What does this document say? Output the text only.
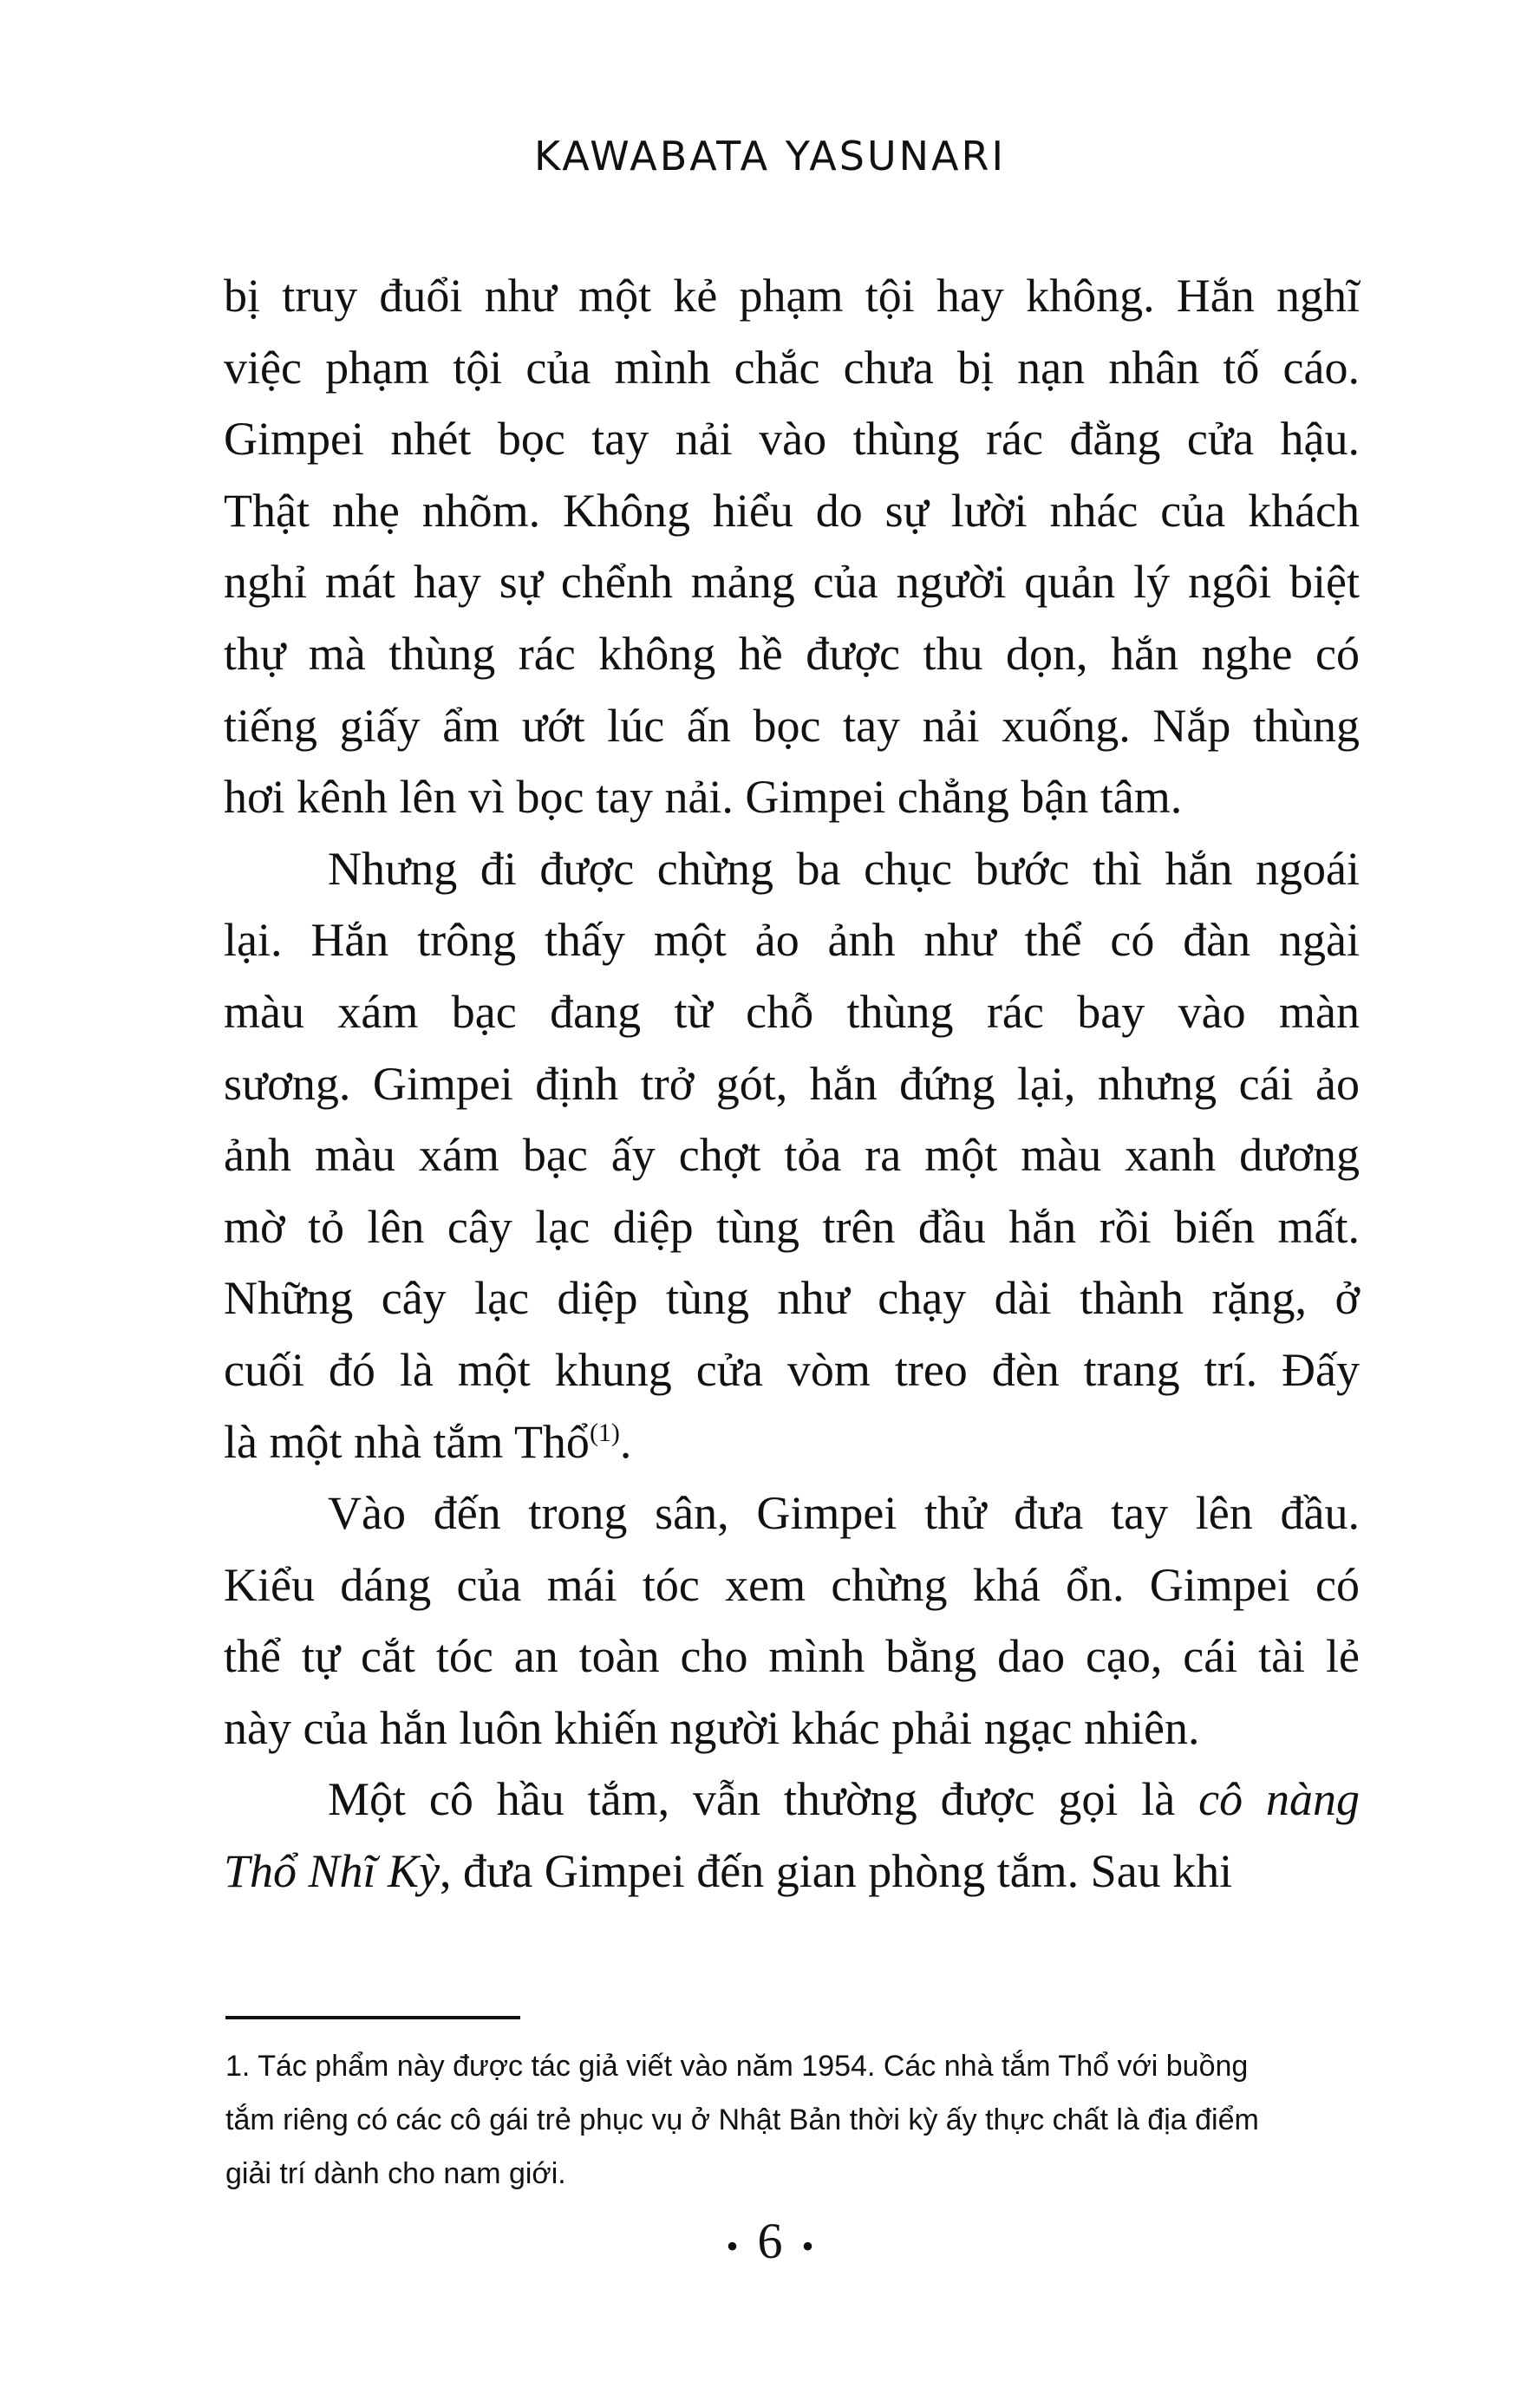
KAWABATA YASUNARI
bị truy đuổi như một kẻ phạm tội hay không. Hắn nghĩ
việc phạm tội của mình chắc chưa bị nạn nhân tố cáo.
Gimpei nhét bọc tay nải vào thùng rác đằng cửa hậu.
Thật nhẹ nhõm. Không hiểu do sự lười nhác của khách
nghỉ mát hay sự chểnh mảng của người quản lý ngôi biệt
thự mà thùng rác không hề được thu dọn, hắn nghe có
tiếng giấy ẩm ướt lúc ấn bọc tay nải xuống. Nắp thùng
hơi kênh lên vì bọc tay nải. Gimpei chẳng bận tâm.
Nhưng đi được chừng ba chục bước thì hắn ngoái
lại. Hắn trông thấy một ảo ảnh như thể có đàn ngài
màu xám bạc đang từ chỗ thùng rác bay vào màn
sương. Gimpei định trở gót, hắn đứng lại, nhưng cái ảo
ảnh màu xám bạc ấy chợt tỏa ra một màu xanh dương
mờ tỏ lên cây lạc diệp tùng trên đầu hắn rồi biến mất.
Những cây lạc diệp tùng như chạy dài thành rặng, ở
cuối đó là một khung cửa vòm treo đèn trang trí. Đấy
là một nhà tắm Thổ$^{(1)}$.
Vào đến trong sân, Gimpei thử đưa tay lên đầu.
Kiểu dáng của mái tóc xem chừng khá ổn. Gimpei có
thể tự cắt tóc an toàn cho mình bằng dao cạo, cái tài lẻ
này của hắn luôn khiến người khác phải ngạc nhiên.
Một cô hầu tắm, vẫn thường được gọi là cô nàng
Thổ Nhĩ Kỳ, đưa Gimpei đến gian phòng tắm. Sau khi
1. Tác phẩm này được tác giả viết vào năm 1954. Các nhà tắm Thổ với buồng
tắm riêng có các cô gái trẻ phục vụ ở Nhật Bản thời kỳ ấy thực chất là địa điểm
giải trí dành cho nam giới.
• 6 •
